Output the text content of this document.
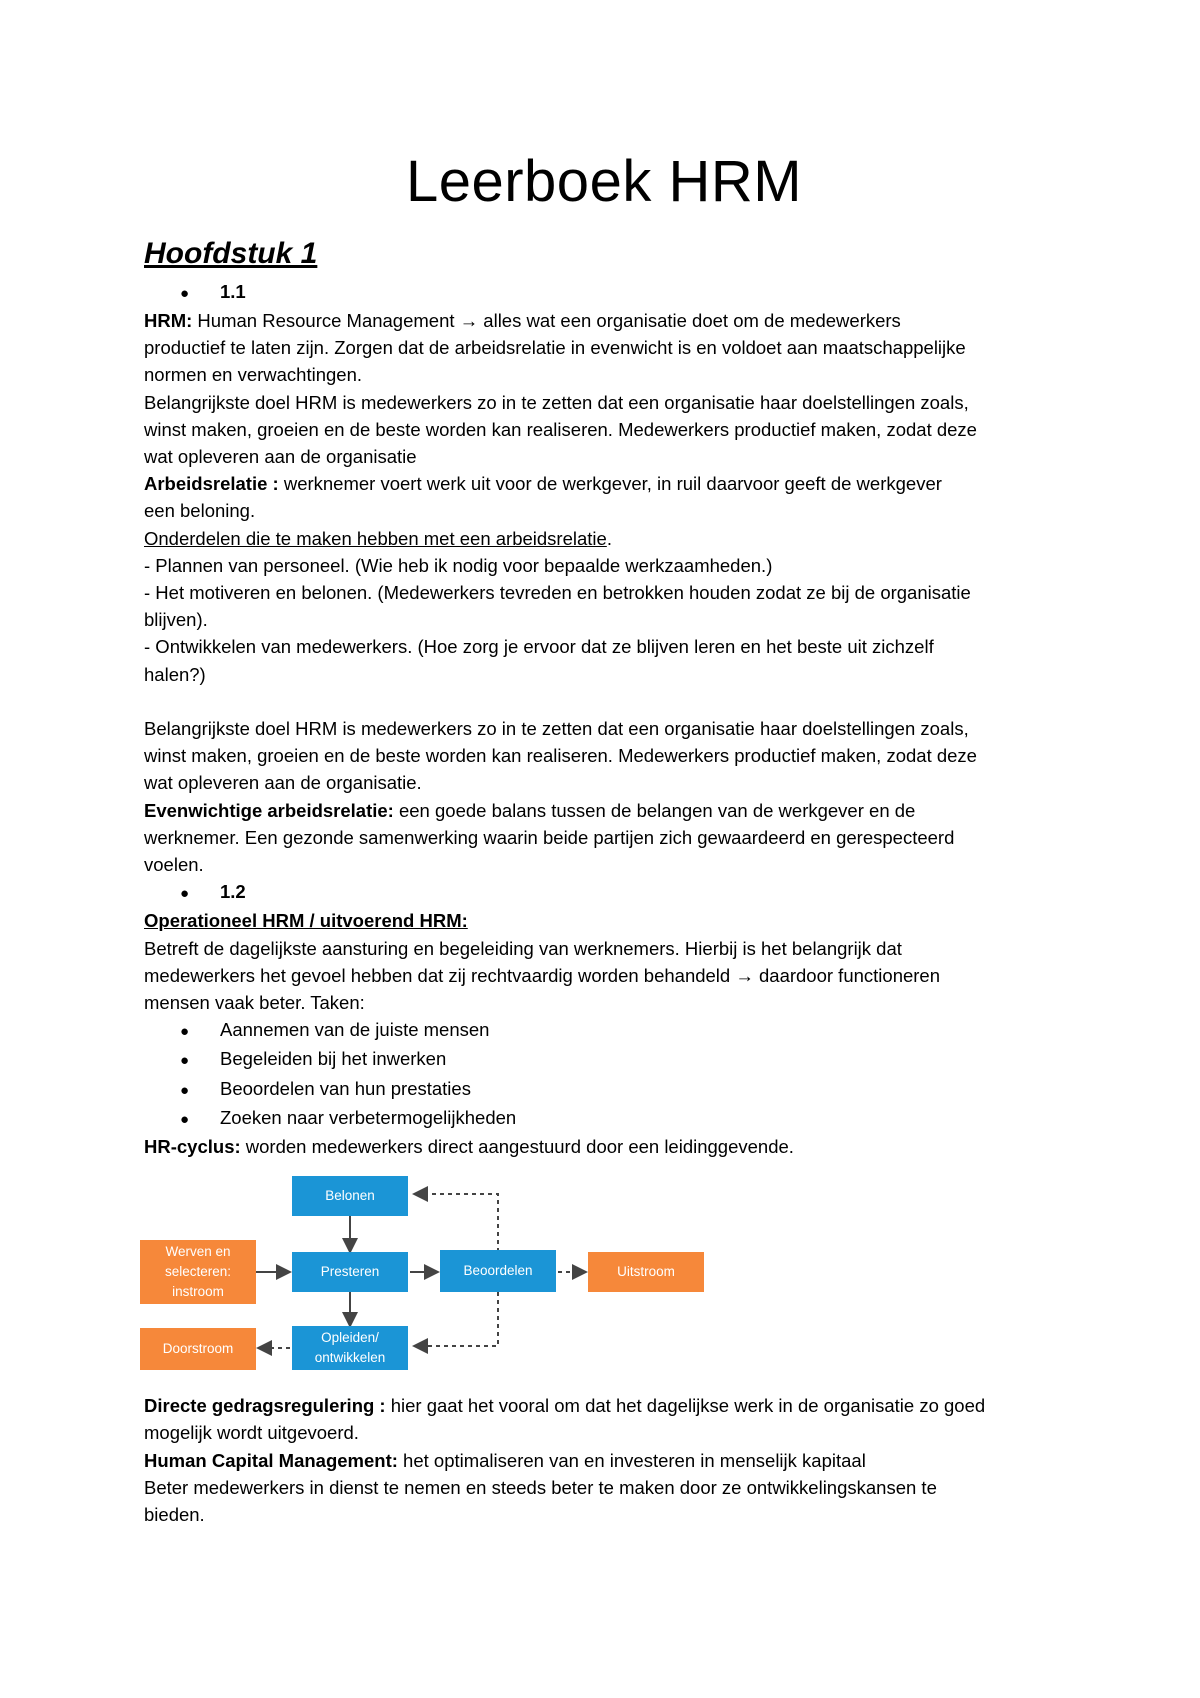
Leerboek HRM
Hoofdstuk 1
●	1.1

HRM: Human Resource Management → alles wat een organisatie doet om de medewerkers

productief te laten zijn. Zorgen dat de arbeidsrelatie in evenwicht is en voldoet aan maatschappelijke

normen en verwachtingen.

Belangrijkste doel HRM is medewerkers zo in te zetten dat een organisatie haar doelstellingen zoals,

winst maken, groeien en de beste worden kan realiseren. Medewerkers productief maken, zodat deze

wat opleveren aan de organisatie

Arbeidsrelatie : werknemer voert werk uit voor de werkgever, in ruil daarvoor geeft de werkgever

een beloning.

Onderdelen die te maken hebben met een arbeidsrelatie.

- Plannen van personeel. (Wie heb ik nodig voor bepaalde werkzaamheden.)

- Het motiveren en belonen. (Medewerkers tevreden en betrokken houden zodat ze bij de organisatie

blijven).

- Ontwikkelen van medewerkers. (Hoe zorg je ervoor dat ze blijven leren en het beste uit zichzelf

halen?)

Belangrijkste doel HRM is medewerkers zo in te zetten dat een organisatie haar doelstellingen zoals,

winst maken, groeien en de beste worden kan realiseren. Medewerkers productief maken, zodat deze

wat opleveren aan de organisatie.

Evenwichtige arbeidsrelatie: een goede balans tussen de belangen van de werkgever en de

werknemer. Een gezonde samenwerking waarin beide partijen zich gewaardeerd en gerespecteerd

voelen.

●	1.2

Operationeel HRM / uitvoerend HRM:

Betreft de dagelijkste aansturing en begeleiding van werknemers. Hierbij is het belangrijk dat

medewerkers het gevoel hebben dat zij rechtvaardig worden behandeld → daardoor functioneren

mensen vaak beter. Taken:

●	Aannemen van de juiste mensen
●	Begeleiden bij het inwerken
●	Beoordelen van hun prestaties
●	Zoeken naar verbetermogelijkheden

HR-cyclus: worden medewerkers direct aangestuurd door een leidinggevende.

Belonen
Werven en
selecteren:
instroom
Presteren	Beoordelen	Uitstroom
Doorstroom
Opleiden/
ontwikkelen

Directe gedragsregulering : hier gaat het vooral om dat het dagelijkse werk in de organisatie zo goed

mogelijk wordt uitgevoerd.

Human Capital Management: het optimaliseren van en investeren in menselijk kapitaal

Beter medewerkers in dienst te nemen en steeds beter te maken door ze ontwikkelingskansen te

bieden.
